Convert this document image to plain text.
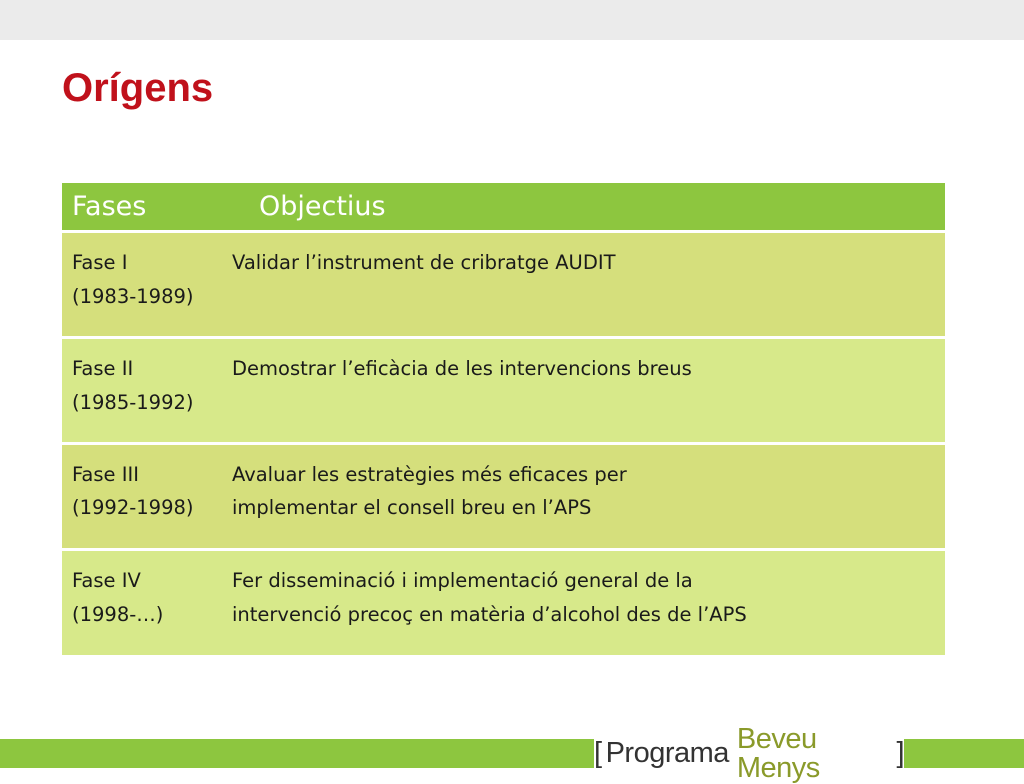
Orígens
Fases	Objectius

Fase I
(1983-1989)	Validar l’instrument de cribratge AUDIT

Fase II
(1985-1992)	Demostrar l’eficàcia de les intervencions breus

Fase III
(1992-1998)	Avaluar les estratègies més eficaces per
implementar el consell breu en l’APS

Fase IV
(1998-…)	Fer disseminació i implementació general de la
intervenció precoç en matèria d’alcohol des de l’APS
[ Programa Beveu Menys	]
